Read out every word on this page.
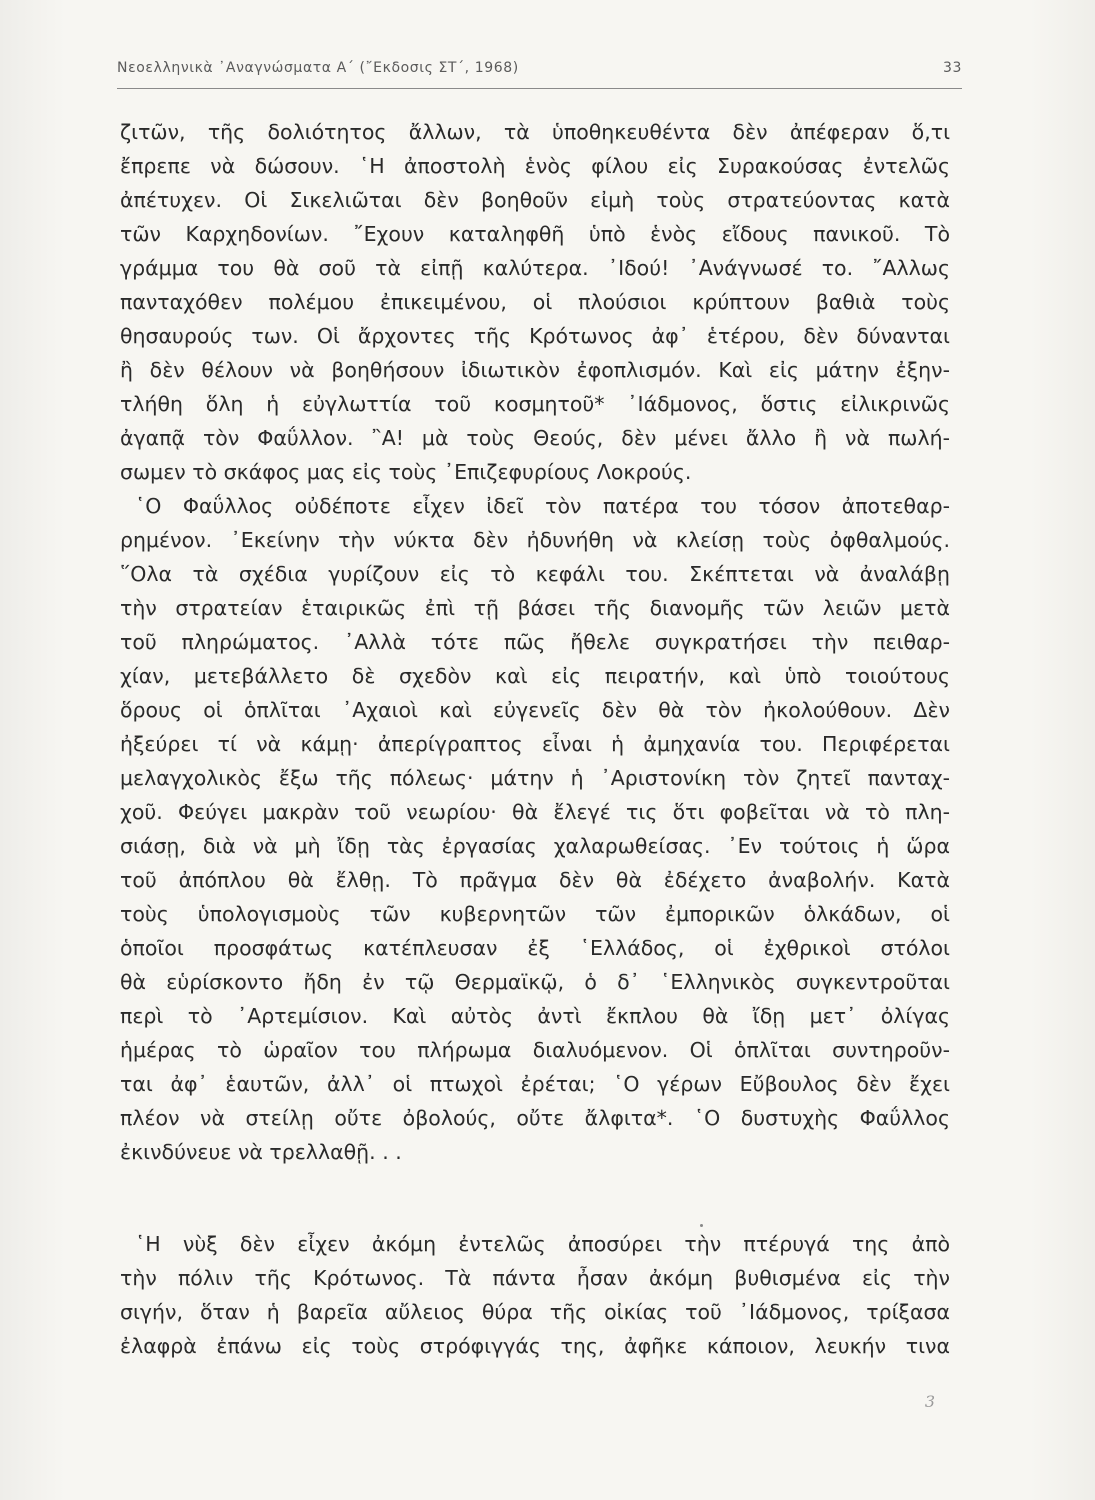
Νεοελληνικὰ ᾿Αναγνώσματα Α΄ (῎Εκδοσις ΣΤ΄, 1968)	33
ζιτῶν, τῆς δολιότητος ἄλλων, τὰ ὑποθηκευθέντα δὲν ἀπέφεραν ὅ,τι
ἔπρεπε νὰ δώσουν. ῾Η ἀποστολὴ ἑνὸς φίλου εἰς Συρακούσας ἐντελῶς
ἀπέτυχεν. Οἱ Σικελιῶται δὲν βοηθοῦν εἰμὴ τοὺς στρατεύοντας κατὰ
τῶν Καρχηδονίων. ῎Εχουν καταληφθῆ ὑπὸ ἑνὸς εἴδους πανικοῦ. Τὸ
γράμμα του θὰ σοῦ τὰ εἰπῇ καλύτερα. ᾿Ιδού! ᾿Ανάγνωσέ το. ῎Αλλως
πανταχόθεν πολέμου ἐπικειμένου, οἱ πλούσιοι κρύπτουν βαθιὰ τοὺς
θησαυρούς των. Οἱ ἄρχοντες τῆς Κρότωνος ἀφ᾿ ἑτέρου, δὲν δύνανται
ἢ δὲν θέλουν νὰ βοηθήσουν ἰδιωτικὸν ἐφοπλισμόν. Καὶ εἰς μάτην ἐξην-
τλήθη ὅλη ἡ εὐγλωττία τοῦ κοσμητοῦ* ᾿Ιάδμονος, ὅστις εἰλικρινῶς
ἀγαπᾷ τὸν Φαΰλλον. ῍Α! μὰ τοὺς Θεούς, δὲν μένει ἄλλο ἢ νὰ πωλή-
σωμεν τὸ σκάφος μας εἰς τοὺς ᾿Επιζεφυρίους Λοκρούς.
῾Ο Φαΰλλος οὐδέποτε εἶχεν ἰδεῖ τὸν πατέρα του τόσον ἀποτεθαρ-
ρημένον. ᾿Εκείνην τὴν νύκτα δὲν ἠδυνήθη νὰ κλείσῃ τοὺς ὀφθαλμούς.
῞Ολα τὰ σχέδια γυρίζουν εἰς τὸ κεφάλι του. Σκέπτεται νὰ ἀναλάβῃ
τὴν στρατείαν ἑταιρικῶς ἐπὶ τῇ βάσει τῆς διανομῆς τῶν λειῶν μετὰ
τοῦ πληρώματος. ᾿Αλλὰ τότε πῶς ἤθελε συγκρατήσει τὴν πειθαρ-
χίαν, μετεβάλλετο δὲ σχεδὸν καὶ εἰς πειρατήν, καὶ ὑπὸ τοιούτους
ὅρους οἱ ὁπλῖται ᾿Αχαιοὶ καὶ εὐγενεῖς δὲν θὰ τὸν ἠκολούθουν. Δὲν
ἠξεύρει τί νὰ κάμῃ· ἀπερίγραπτος εἶναι ἡ ἀμηχανία του. Περιφέρεται
μελαγχολικὸς ἔξω τῆς πόλεως· μάτην ἡ ᾿Αριστονίκη τὸν ζητεῖ πανταχ-
χοῦ. Φεύγει μακρὰν τοῦ νεωρίου· θὰ ἔλεγέ τις ὅτι φοβεῖται νὰ τὸ πλη-
σιάσῃ, διὰ νὰ μὴ ἴδῃ τὰς ἐργασίας χαλαρωθείσας. ᾿Εν τούτοις ἡ ὥρα
τοῦ ἀπόπλου θὰ ἔλθῃ. Τὸ πρᾶγμα δὲν θὰ ἐδέχετο ἀναβολήν. Κατὰ
τοὺς ὑπολογισμοὺς τῶν κυβερνητῶν τῶν ἐμπορικῶν ὁλκάδων, οἱ
ὁποῖοι προσφάτως κατέπλευσαν ἐξ ῾Ελλάδος, οἱ ἐχθρικοὶ στόλοι
θὰ εὑρίσκοντο ἤδη ἐν τῷ Θερμαϊκῷ, ὁ δ᾿ ῾Ελληνικὸς συγκεντροῦται
περὶ τὸ ᾿Αρτεμίσιον. Καὶ αὐτὸς ἀντὶ ἔκπλου θὰ ἴδῃ μετ᾿ ὀλίγας
ἡμέρας τὸ ὡραῖον του πλήρωμα διαλυόμενον. Οἱ ὁπλῖται συντηροῦν-
ται ἀφ᾿ ἑαυτῶν, ἀλλ᾿ οἱ πτωχοὶ ἐρέται; ῾Ο γέρων Εὔβουλος δὲν ἔχει
πλέον νὰ στείλῃ οὔτε ὀβολούς, οὔτε ἄλφιτα*. ῾Ο δυστυχὴς Φαΰλλος
ἐκινδύνευε νὰ τρελλαθῇ. . .
῾Η νὺξ δὲν εἶχεν ἀκόμη ἐντελῶς ἀποσύρει τὴν πτέρυγά της ἀπὸ
τὴν πόλιν τῆς Κρότωνος. Τὰ πάντα ἦσαν ἀκόμη βυθισμένα εἰς τὴν
σιγήν, ὅταν ἡ βαρεῖα αὔλειος θύρα τῆς οἰκίας τοῦ ᾿Ιάδμονος, τρίξασα
ἐλαφρὰ ἐπάνω εἰς τοὺς στρόφιγγάς της, ἀφῆκε κάποιον, λευκήν τινα
3
